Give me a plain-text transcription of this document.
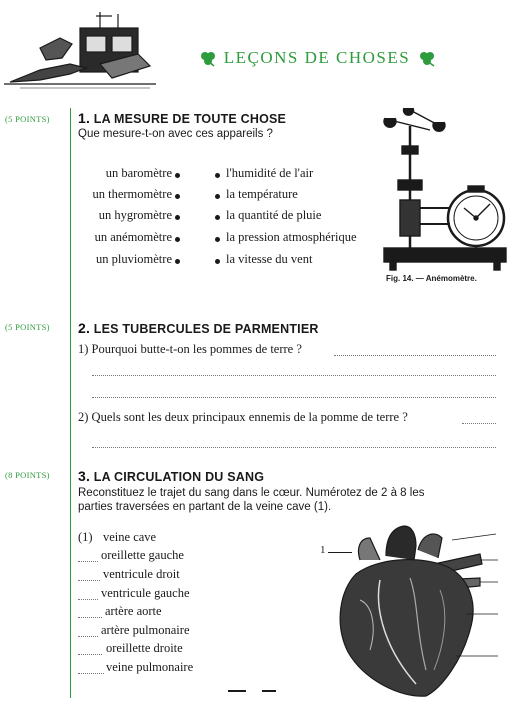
LEÇONS DE CHOSES
(5 POINTS) 1. LA MESURE DE TOUTE CHOSE
Que mesure-t-on avec ces appareils ?
un baromètre
un thermomètre
un hygromètre
un anémomètre
un pluviomètre
l'humidité de l'air
la température
la quantité de pluie
la pression atmosphérique
la vitesse du vent
Fig. 14. — Anémomètre.
(5 POINTS) 2. LES TUBERCULES DE PARMENTIER
1) Pourquoi butte-t-on les pommes de terre ?
2) Quels sont les deux principaux ennemis de la pomme de terre ?
(8 POINTS) 3. LA CIRCULATION DU SANG
Reconstituez le trajet du sang dans le cœur. Numérotez de 2 à 8 les
parties traversées en partant de la veine cave (1).
(1) veine cave
oreillette gauche
ventricule droit
ventricule gauche
artère aorte
artère pulmonaire
oreillette droite
veine pulmonaire
1
